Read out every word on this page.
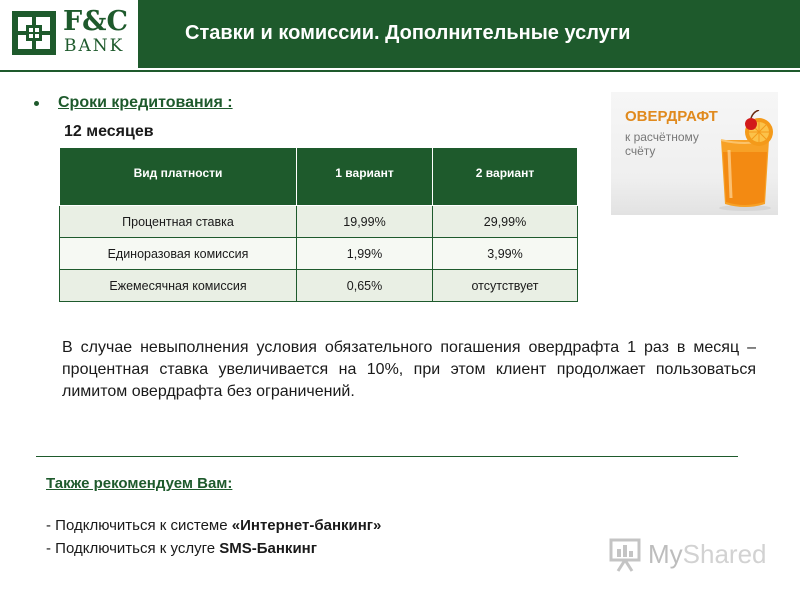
F&C
BANK
Ставки и комиссии. Дополнительные услуги
Сроки кредитования :
12 месяцев
Вид платности	1 вариант	2 вариант
Процентная ставка	19,99%	29,99%
Единоразовая комиссия	1,99%	3,99%
Ежемесячная комиссия	0,65%	отсутствует
ОВЕРДРАФТ
к расчётному счёту

В случае невыполнения условия обязательного погашения овердрафта 1 раз в месяц – процентная ставка увеличивается на 10%, при этом клиент продолжает пользоваться лимитом овердрафта без ограничений.

Также рекомендуем Вам:
- Подключиться к системе «Интернет-банкинг»
- Подключиться к услуге SMS-Банкинг	MyShared
